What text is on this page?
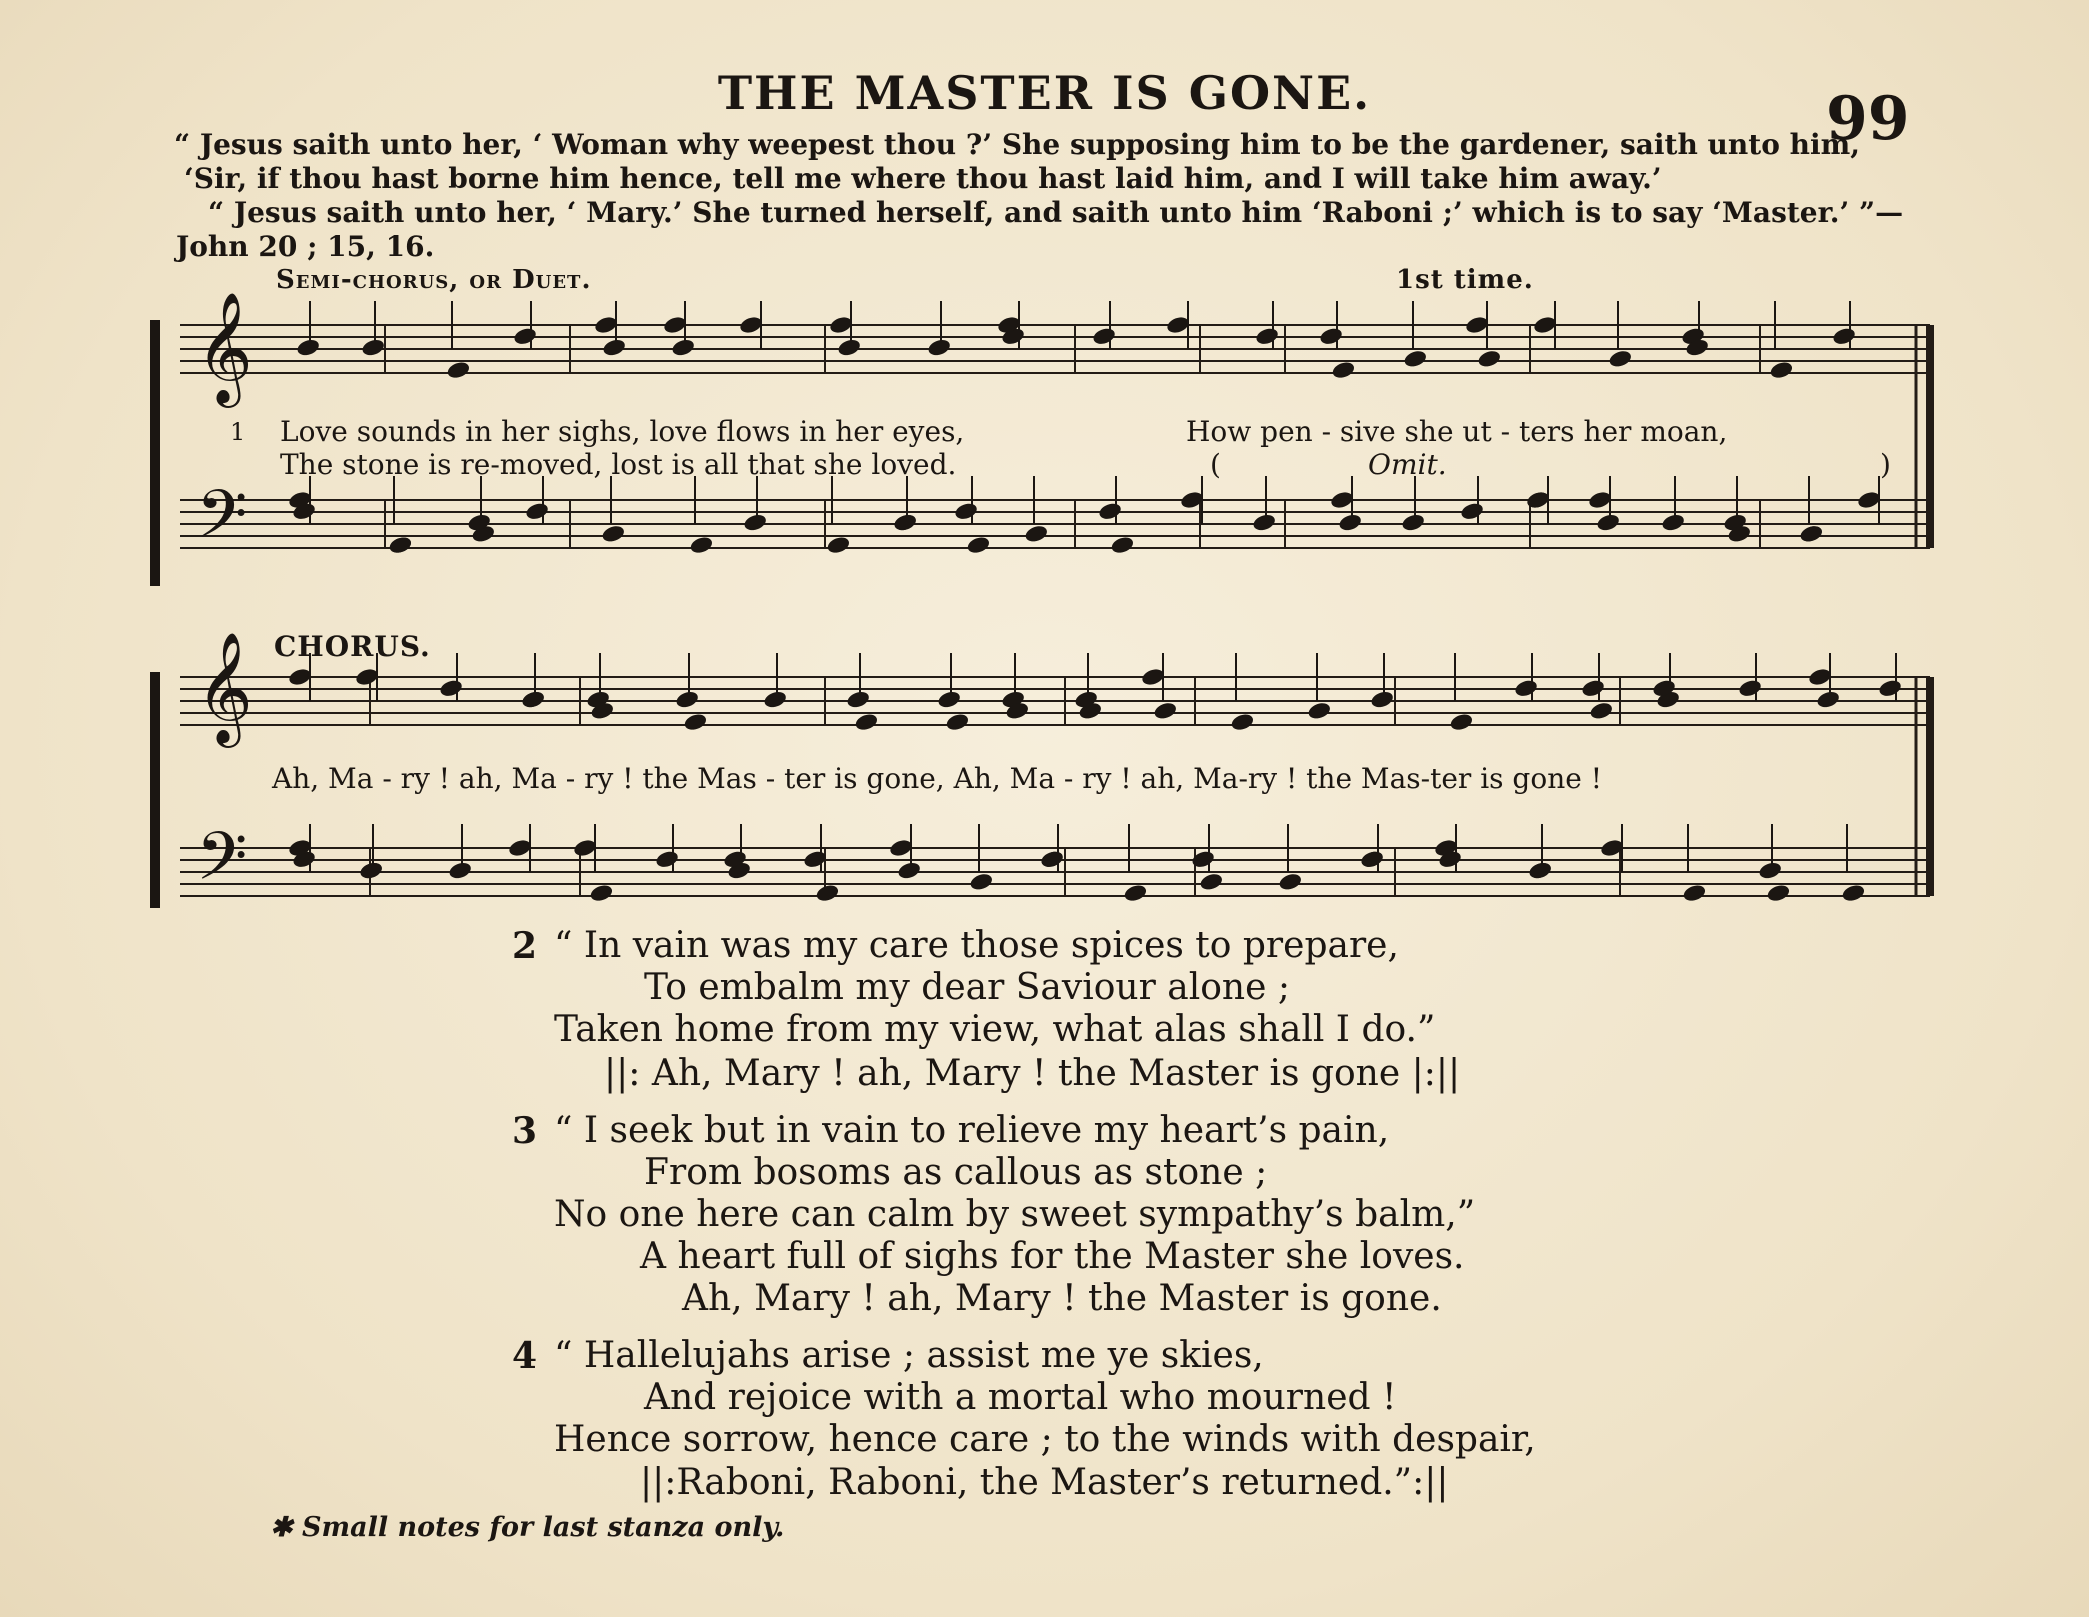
THE MASTER IS GONE.	99
“ Jesus saith unto her, ‘ Woman why weepest thou ?’ She supposing him to be the gardener, saith unto him,
‘Sir, if thou hast borne him hence, tell me where thou hast laid him, and I will take him away.’
“ Jesus saith unto her, ‘ Mary.’ She turned herself, and saith unto him ‘Raboni ;’ which is to say ‘Master.’ ”—
John 20 ; 15, 16.
Semi-chorus, or Duet.	1st time.
𝄞
𝄢
𝄞
𝄢
1 Love sounds in her sighs, love flows in her eyes,	How pen - sive she ut - ters her moan,
The stone is re-moved, lost is all that she loved.	(	Omit.	)
CHORUS.
Ah, Ma - ry ! ah, Ma - ry ! the Mas - ter is gone, Ah, Ma - ry ! ah, Ma-ry ! the Mas-ter is gone !
2 “ In vain was my care those spices to prepare,
To embalm my dear Saviour alone ;
Taken home from my view, what alas shall I do.”
||: Ah, Mary ! ah, Mary ! the Master is gone |:||
3 “ I seek but in vain to relieve my heart’s pain,
From bosoms as callous as stone ;
No one here can calm by sweet sympathy’s balm,”
A heart full of sighs for the Master she loves.
Ah, Mary ! ah, Mary ! the Master is gone.
4 “ Hallelujahs arise ; assist me ye skies,
And rejoice with a mortal who mourned !
Hence sorrow, hence care ; to the winds with despair,
||:Raboni, Raboni, the Master’s returned.”:||
✱ Small notes for last stanza only.
